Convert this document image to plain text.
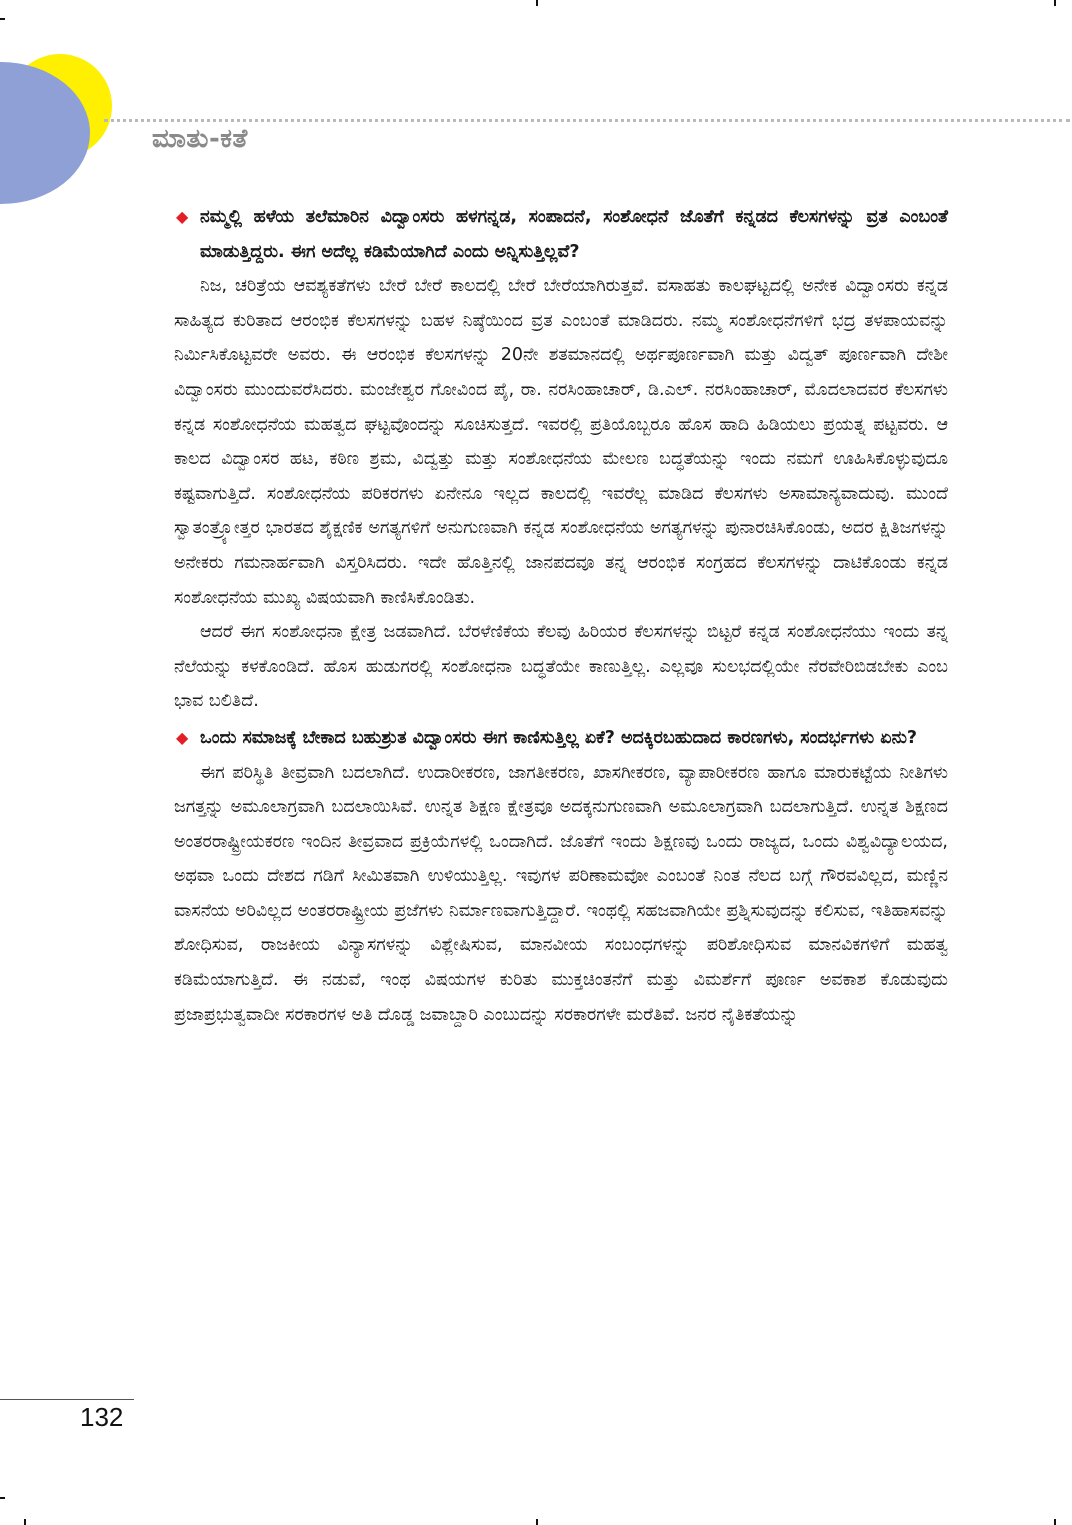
ಮಾತು-ಕತೆ

◆ ನಮ್ಮಲ್ಲಿ ಹಳೆಯ ತಲೆಮಾರಿನ ವಿದ್ವಾಂಸರು ಹಳಗನ್ನಡ, ಸಂಪಾದನೆ, ಸಂಶೋಧನೆ ಜೊತೆಗೆ ಕನ್ನಡದ ಕೆಲಸಗಳನ್ನು ವ್ರತ ಎಂಬಂತೆ ಮಾಡುತ್ತಿದ್ದರು. ಈಗ ಅದೆಲ್ಲ ಕಡಿಮೆಯಾಗಿದೆ ಎಂದು ಅನ್ನಿಸುತ್ತಿಲ್ಲವೆ?

ನಿಜ, ಚರಿತ್ರೆಯ ಆವಶ್ಯಕತೆಗಳು ಬೇರೆ ಬೇರೆ ಕಾಲದಲ್ಲಿ ಬೇರೆ ಬೇರೆಯಾಗಿರುತ್ತವೆ. ವಸಾಹತು ಕಾಲಘಟ್ಟದಲ್ಲಿ ಅನೇಕ ವಿದ್ವಾಂಸರು ಕನ್ನಡ ಸಾಹಿತ್ಯದ ಕುರಿತಾದ ಆರಂಭಿಕ ಕೆಲಸಗಳನ್ನು ಬಹಳ ನಿಷ್ಠೆಯಿಂದ ವ್ರತ ಎಂಬಂತೆ ಮಾಡಿದರು. ನಮ್ಮ ಸಂಶೋಧನೆಗಳಿಗೆ ಭದ್ರ ತಳಪಾಯವನ್ನು ನಿರ್ಮಿಸಿಕೊಟ್ಟವರೇ ಅವರು. ಈ ಆರಂಭಿಕ ಕೆಲಸಗಳನ್ನು 20ನೇ ಶತಮಾನದಲ್ಲಿ ಅರ್ಥಪೂರ್ಣವಾಗಿ ಮತ್ತು ವಿದ್ವತ್ ಪೂರ್ಣವಾಗಿ ದೇಶೀ ವಿದ್ವಾಂಸರು ಮುಂದುವರೆಸಿದರು. ಮಂಜೇಶ್ವರ ಗೋವಿಂದ ಪೈ, ರಾ. ನರಸಿಂಹಾಚಾರ್, ಡಿ.ಎಲ್. ನರಸಿಂಹಾಚಾರ್, ಮೊದಲಾದವರ ಕೆಲಸಗಳು ಕನ್ನಡ ಸಂಶೋಧನೆಯ ಮಹತ್ವದ ಘಟ್ಟವೊಂದನ್ನು ಸೂಚಿಸುತ್ತದೆ. ಇವರಲ್ಲಿ ಪ್ರತಿಯೊಬ್ಬರೂ ಹೊಸ ಹಾದಿ ಹಿಡಿಯಲು ಪ್ರಯತ್ನ ಪಟ್ಟವರು. ಆ ಕಾಲದ ವಿದ್ವಾಂಸರ ಹಟ, ಕಠಿಣ ಶ್ರಮ, ವಿದ್ವತ್ತು ಮತ್ತು ಸಂಶೋಧನೆಯ ಮೇಲಣ ಬದ್ಧತೆಯನ್ನು ಇಂದು ನಮಗೆ ಊಹಿಸಿಕೊಳ್ಳುವುದೂ ಕಷ್ಟವಾಗುತ್ತಿದೆ. ಸಂಶೋಧನೆಯ ಪರಿಕರಗಳು ಏನೇನೂ ಇಲ್ಲದ ಕಾಲದಲ್ಲಿ ಇವರೆಲ್ಲ ಮಾಡಿದ ಕೆಲಸಗಳು ಅಸಾಮಾನ್ಯವಾದುವು. ಮುಂದೆ ಸ್ವಾತಂತ್ರ್ಯೋತ್ತರ ಭಾರತದ ಶೈಕ್ಷಣಿಕ ಅಗತ್ಯಗಳಿಗೆ ಅನುಗುಣವಾಗಿ ಕನ್ನಡ ಸಂಶೋಧನೆಯ ಅಗತ್ಯಗಳನ್ನು ಪುನಾರಚಿಸಿಕೊಂಡು, ಅದರ ಕ್ಷಿತಿಜಗಳನ್ನು ಅನೇಕರು ಗಮನಾರ್ಹವಾಗಿ ವಿಸ್ತರಿಸಿದರು. ಇದೇ ಹೊತ್ತಿನಲ್ಲಿ ಜಾನಪದವೂ ತನ್ನ ಆರಂಭಿಕ ಸಂಗ್ರಹದ ಕೆಲಸಗಳನ್ನು ದಾಟಿಕೊಂಡು ಕನ್ನಡ ಸಂಶೋಧನೆಯ ಮುಖ್ಯ ವಿಷಯವಾಗಿ ಕಾಣಿಸಿಕೊಂಡಿತು.

ಆದರೆ ಈಗ ಸಂಶೋಧನಾ ಕ್ಷೇತ್ರ ಜಡವಾಗಿದೆ. ಬೆರಳೆಣಿಕೆಯ ಕೆಲವು ಹಿರಿಯರ ಕೆಲಸಗಳನ್ನು ಬಿಟ್ಟರೆ ಕನ್ನಡ ಸಂಶೋಧನೆಯು ಇಂದು ತನ್ನ ನೆಲೆಯನ್ನು ಕಳಕೊಂಡಿದೆ. ಹೊಸ ಹುಡುಗರಲ್ಲಿ ಸಂಶೋಧನಾ ಬದ್ಧತೆಯೇ ಕಾಣುತ್ತಿಲ್ಲ. ಎಲ್ಲವೂ ಸುಲಭದಲ್ಲಿಯೇ ನೆರವೇರಿಬಿಡಬೇಕು ಎಂಬ ಭಾವ ಬಲಿತಿದೆ.

◆ ಒಂದು ಸಮಾಜಕ್ಕೆ ಬೇಕಾದ ಬಹುಶ್ರುತ ವಿದ್ವಾಂಸರು ಈಗ ಕಾಣಿಸುತ್ತಿಲ್ಲ ಏಕೆ? ಅದಕ್ಕಿರಬಹುದಾದ ಕಾರಣಗಳು, ಸಂದರ್ಭಗಳು ಏನು?

ಈಗ ಪರಿಸ್ಥಿತಿ ತೀವ್ರವಾಗಿ ಬದಲಾಗಿದೆ. ಉದಾರೀಕರಣ, ಜಾಗತೀಕರಣ, ಖಾಸಗೀಕರಣ, ವ್ಯಾಪಾರೀಕರಣ ಹಾಗೂ ಮಾರುಕಟ್ಟೆಯ ನೀತಿಗಳು ಜಗತ್ತನ್ನು ಅಮೂಲಾಗ್ರವಾಗಿ ಬದಲಾಯಿಸಿವೆ. ಉನ್ನತ ಶಿಕ್ಷಣ ಕ್ಷೇತ್ರವೂ ಅದಕ್ಕನುಗುಣವಾಗಿ ಅಮೂಲಾಗ್ರವಾಗಿ ಬದಲಾಗುತ್ತಿದೆ. ಉನ್ನತ ಶಿಕ್ಷಣದ ಅಂತರರಾಷ್ಟ್ರೀಯಕರಣ ಇಂದಿನ ತೀವ್ರವಾದ ಪ್ರಕ್ರಿಯೆಗಳಲ್ಲಿ ಒಂದಾಗಿದೆ. ಜೊತೆಗೆ ಇಂದು ಶಿಕ್ಷಣವು ಒಂದು ರಾಜ್ಯದ, ಒಂದು ವಿಶ್ವವಿದ್ಯಾಲಯದ, ಅಥವಾ ಒಂದು ದೇಶದ ಗಡಿಗೆ ಸೀಮಿತವಾಗಿ ಉಳಿಯುತ್ತಿಲ್ಲ. ಇವುಗಳ ಪರಿಣಾಮವೋ ಎಂಬಂತೆ ನಿಂತ ನೆಲದ ಬಗ್ಗೆ ಗೌರವವಿಲ್ಲದ, ಮಣ್ಣಿನ ವಾಸನೆಯ ಅರಿವಿಲ್ಲದ ಅಂತರರಾಷ್ಟ್ರೀಯ ಪ್ರಜೆಗಳು ನಿರ್ಮಾಣವಾಗುತ್ತಿದ್ದಾರೆ. ಇಂಥಲ್ಲಿ ಸಹಜವಾಗಿಯೇ ಪ್ರಶ್ನಿಸುವುದನ್ನು ಕಲಿಸುವ, ಇತಿಹಾಸವನ್ನು ಶೋಧಿಸುವ, ರಾಜಕೀಯ ವಿನ್ಯಾಸಗಳನ್ನು ವಿಶ್ಲೇಷಿಸುವ, ಮಾನವೀಯ ಸಂಬಂಧಗಳನ್ನು ಪರಿಶೋಧಿಸುವ ಮಾನವಿಕಗಳಿಗೆ ಮಹತ್ವ ಕಡಿಮೆಯಾಗುತ್ತಿದೆ. ಈ ನಡುವೆ, ಇಂಥ ವಿಷಯಗಳ ಕುರಿತು ಮುಕ್ತಚಿಂತನೆಗೆ ಮತ್ತು ವಿಮರ್ಶೆಗೆ ಪೂರ್ಣ ಅವಕಾಶ ಕೊಡುವುದು ಪ್ರಜಾಪ್ರಭುತ್ವವಾದೀ ಸರಕಾರಗಳ ಅತಿ ದೊಡ್ಡ ಜವಾಬ್ದಾರಿ ಎಂಬುದನ್ನು ಸರಕಾರಗಳೇ ಮರೆತಿವೆ. ಜನರ ನೈತಿಕತೆಯನ್ನು

132
